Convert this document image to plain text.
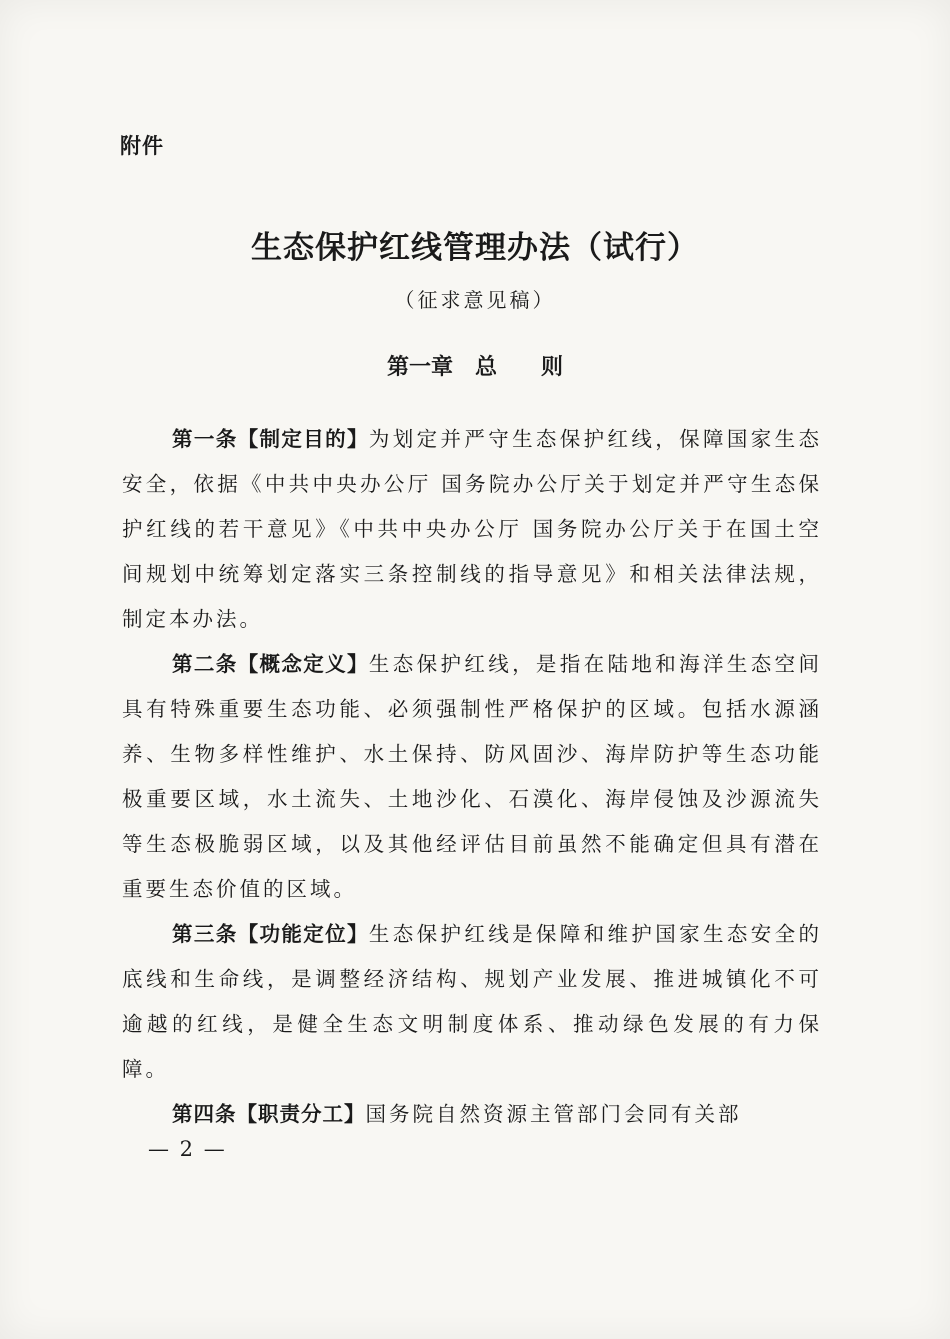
附件
生态保护红线管理办法（试行）
（征求意见稿）
第一章　总　　则

第一条【制定目的】为划定并严守生态保护红线，保障国家生态安全，依据《中共中央办公厅 国务院办公厅关于划定并严守生态保护红线的若干意见》《中共中央办公厅 国务院办公厅关于在国土空间规划中统筹划定落实三条控制线的指导意见》和相关法律法规，制定本办法。

第二条【概念定义】生态保护红线，是指在陆地和海洋生态空间具有特殊重要生态功能、必须强制性严格保护的区域。包括水源涵养、生物多样性维护、水土保持、防风固沙、海岸防护等生态功能极重要区域，水土流失、土地沙化、石漠化、海岸侵蚀及沙源流失等生态极脆弱区域，以及其他经评估目前虽然不能确定但具有潜在重要生态价值的区域。

第三条【功能定位】生态保护红线是保障和维护国家生态安全的底线和生命线，是调整经济结构、规划产业发展、推进城镇化不可逾越的红线，是健全生态文明制度体系、推动绿色发展的有力保障。

第四条【职责分工】国务院自然资源主管部门会同有关部

— 2 —
